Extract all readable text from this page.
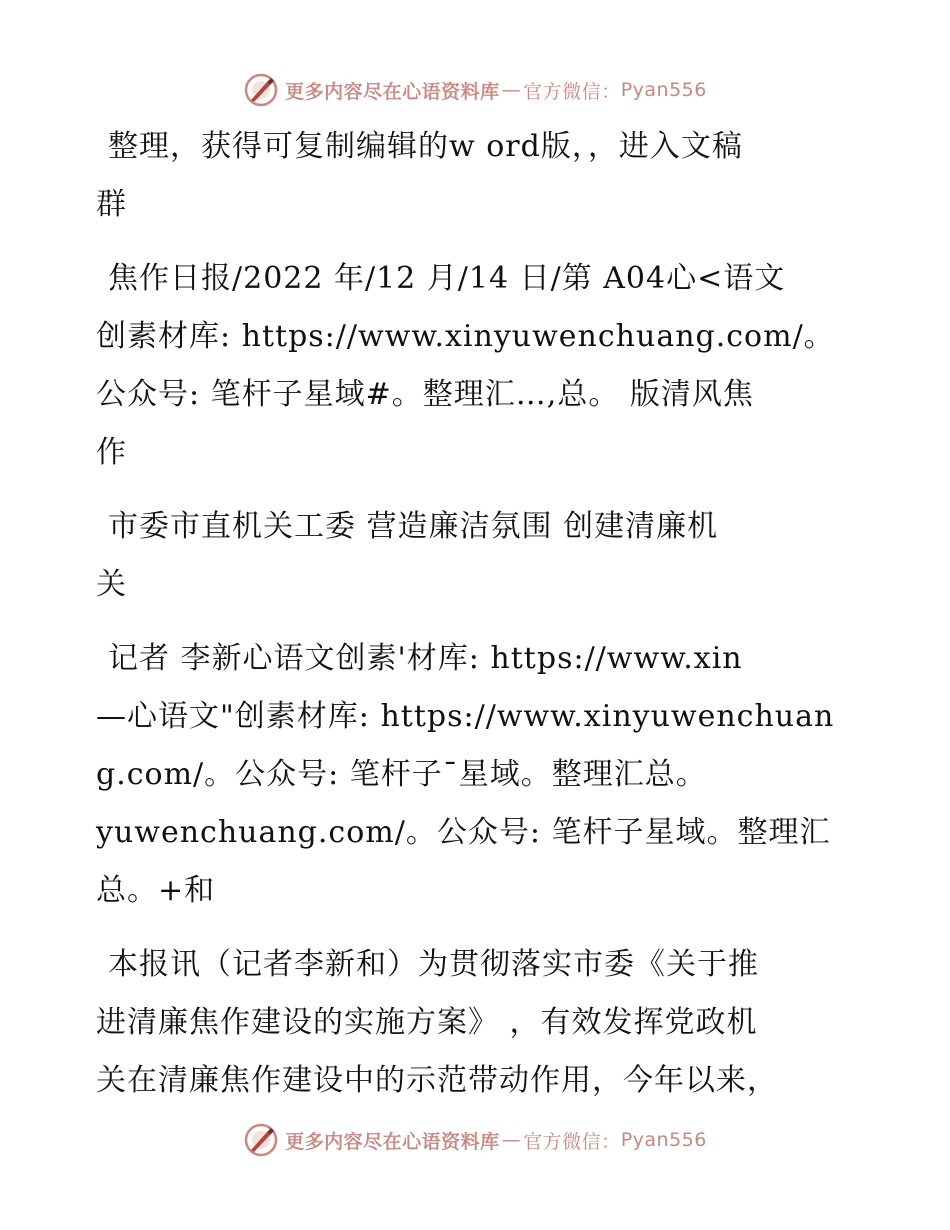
更多内容尽在心语资料库 — 官方微信： Pyan556

整理，获得可复制编辑的w ord版，，进入文稿
群

焦作日报/2022 年/12 月/14 日/第 A04心<语文
创素材库: https://www.xinyuwenchuang.com/。
公众号: 笔杆子星域#。整理汇…,总。 版清风焦
作

市委市直机关工委 营造廉洁氛围 创建清廉机
关

记者 李新心语文创素'材库: https://www.xin
—心语文"创素材库: https://www.xinyuwenchuan
g.com/。公众号: 笔杆子¯星域。整理汇总。
yuwenchuang.com/。公众号: 笔杆子星域。整理汇
总。+和

本报讯（记者李新和）为贯彻落实市委《关于推
进清廉焦作建设的实施方案》 ，有效发挥党政机
关在清廉焦作建设中的示范带动作用，今年以来，

更多内容尽在心语资料库 — 官方微信： Pyan556
